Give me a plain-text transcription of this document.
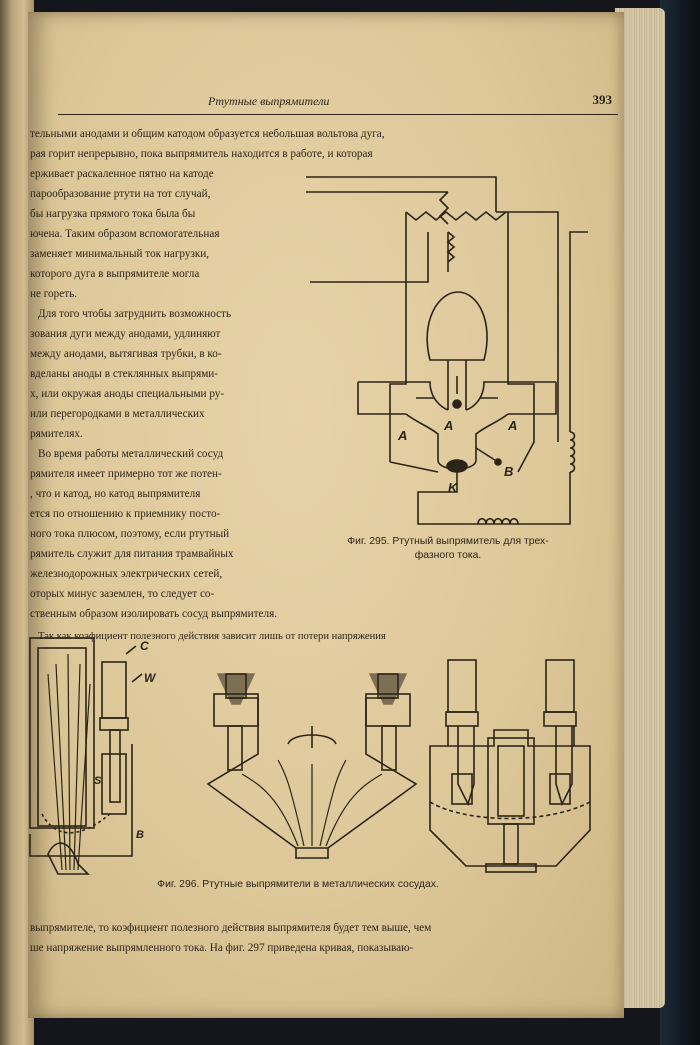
Ртутные выпрямители	393
тельными анодами и общим катодом образуется небольшая вольтова дуга,
рая горит непрерывно, пока выпрямитель находится в работе, и которая
ерживает раскаленное пятно на катоде
парообразование ртути на тот случай,
бы нагрузка прямого тока была бы
ючена. Таким образом вспомогательная
заменяет минимальный ток нагрузки,
которого дуга в выпрямителе могла
не гореть.
Для того чтобы затруднить возможность
зования дуги между анодами, удлиняют
между анодами, вытягивая трубки, в ко-
вделаны аноды в стеклянных выпрями-
х, или окружая аноды специальными ру-
или перегородками в металлических
рямителях.
Во время работы металлический сосуд
рямителя имеет примерно тот же потен-
, что и катод, но катод выпрямителя
ется по отношению к приемнику посто-
ного тока плюсом, поэтому, если ртутный
рямитель служит для питания трамвайных
железнодорожных электрических сетей,
оторых минус заземлен, то следует со-
ственным образом изолировать сосуд выпрямителя.
Так как коэфициент полезного действия зависит лишь от потери напряжения
A
A	A
B
K
Фиг. 295. Ртутный выпрямитель для трех-
фазного тока.
C
W
S
B
Фиг. 296. Ртутные выпрямители в металлических сосудах.
выпрямителе, то коэфициент полезного действия выпрямителя будет тем выше, чем
ше напряжение выпрямленного тока. На фиг. 297 приведена кривая, показываю-
